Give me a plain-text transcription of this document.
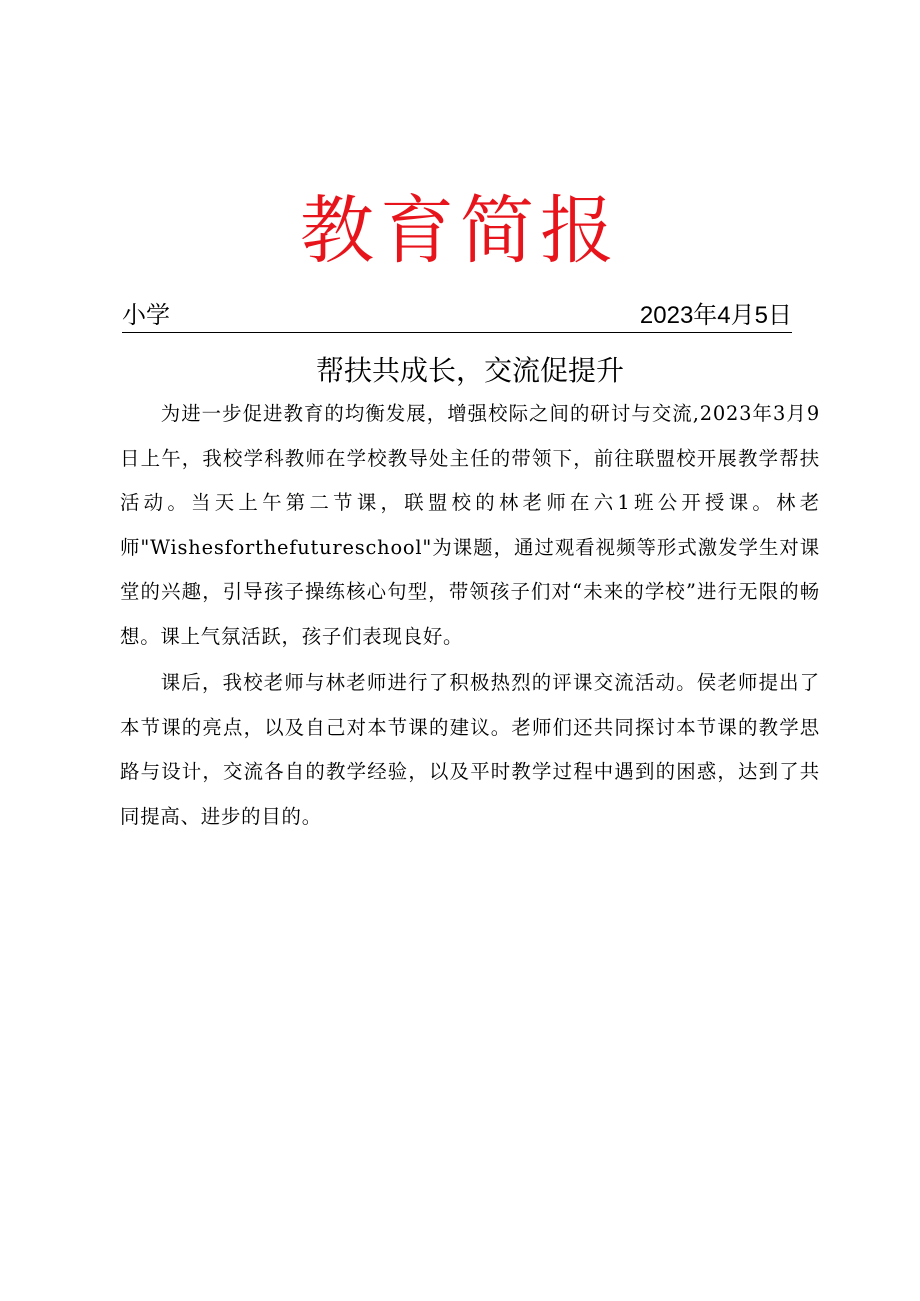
教育简报
小学	2023年4月5日
帮扶共成长，交流促提升

为进一步促进教育的均衡发展，增强校际之间的研讨与交流,2023年3月9日上午，我校学科教师在学校教导处主任的带领下，前往联盟校开展教学帮扶活动。当天上午第二节课，联盟校的林老师在六1班公开授课。林老师"Wishesforthefutureschool"为课题，通过观看视频等形式激发学生对课堂的兴趣，引导孩子操练核心句型，带领孩子们对“未来的学校”进行无限的畅想。课上气氛活跃，孩子们表现良好。

课后，我校老师与林老师进行了积极热烈的评课交流活动。侯老师提出了本节课的亮点，以及自己对本节课的建议。老师们还共同探讨本节课的教学思路与设计，交流各自的教学经验，以及平时教学过程中遇到的困惑，达到了共同提高、进步的目的。
